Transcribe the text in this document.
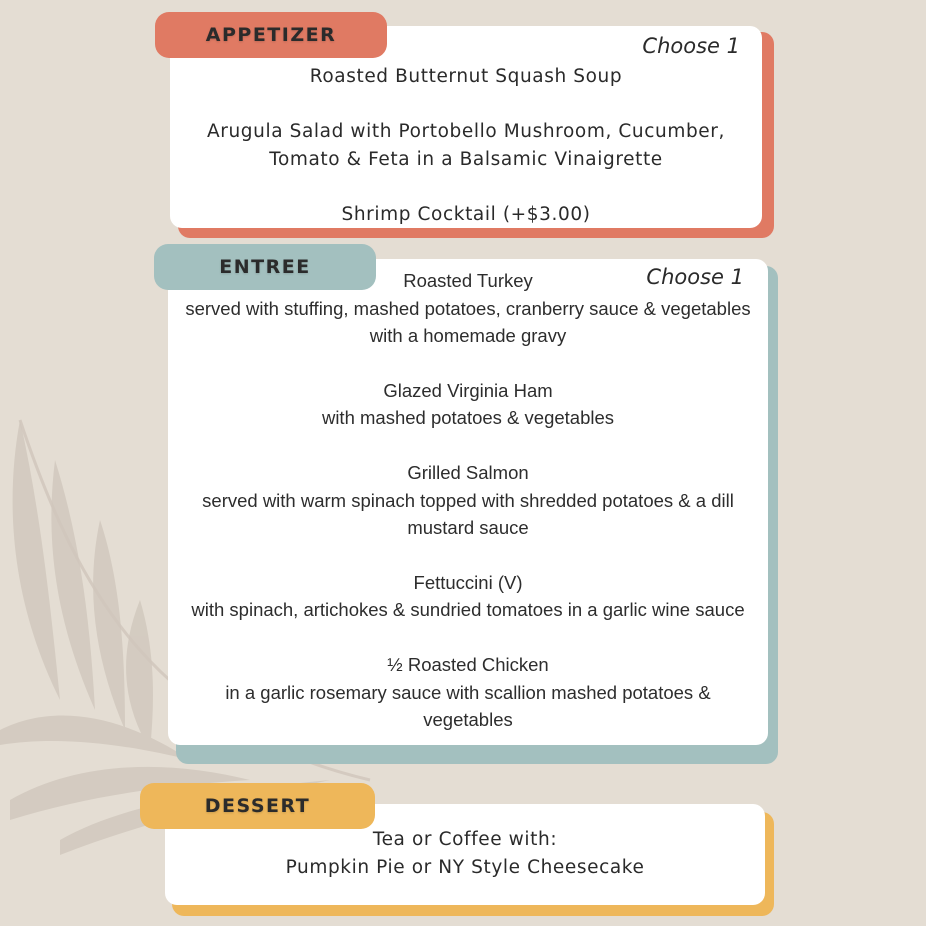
Choose 1
Roasted Butternut Squash Soup
Arugula Salad with Portobello Mushroom, Cucumber,
Tomato & Feta in a Balsamic Vinaigrette
Shrimp Cocktail (+$3.00)
APPETIZER
Choose 1
Roasted Turkey
served with stuffing, mashed potatoes, cranberry sauce & vegetables
with a homemade gravy
Glazed Virginia Ham
with mashed potatoes & vegetables
Grilled Salmon
served with warm spinach topped with shredded potatoes & a dill
mustard sauce
Fettuccini (V)
with spinach, artichokes & sundried tomatoes in a garlic wine sauce
½ Roasted Chicken
in a garlic rosemary sauce with scallion mashed potatoes &
vegetables
ENTREE
Tea or Coffee with:
Pumpkin Pie or NY Style Cheesecake
DESSERT
